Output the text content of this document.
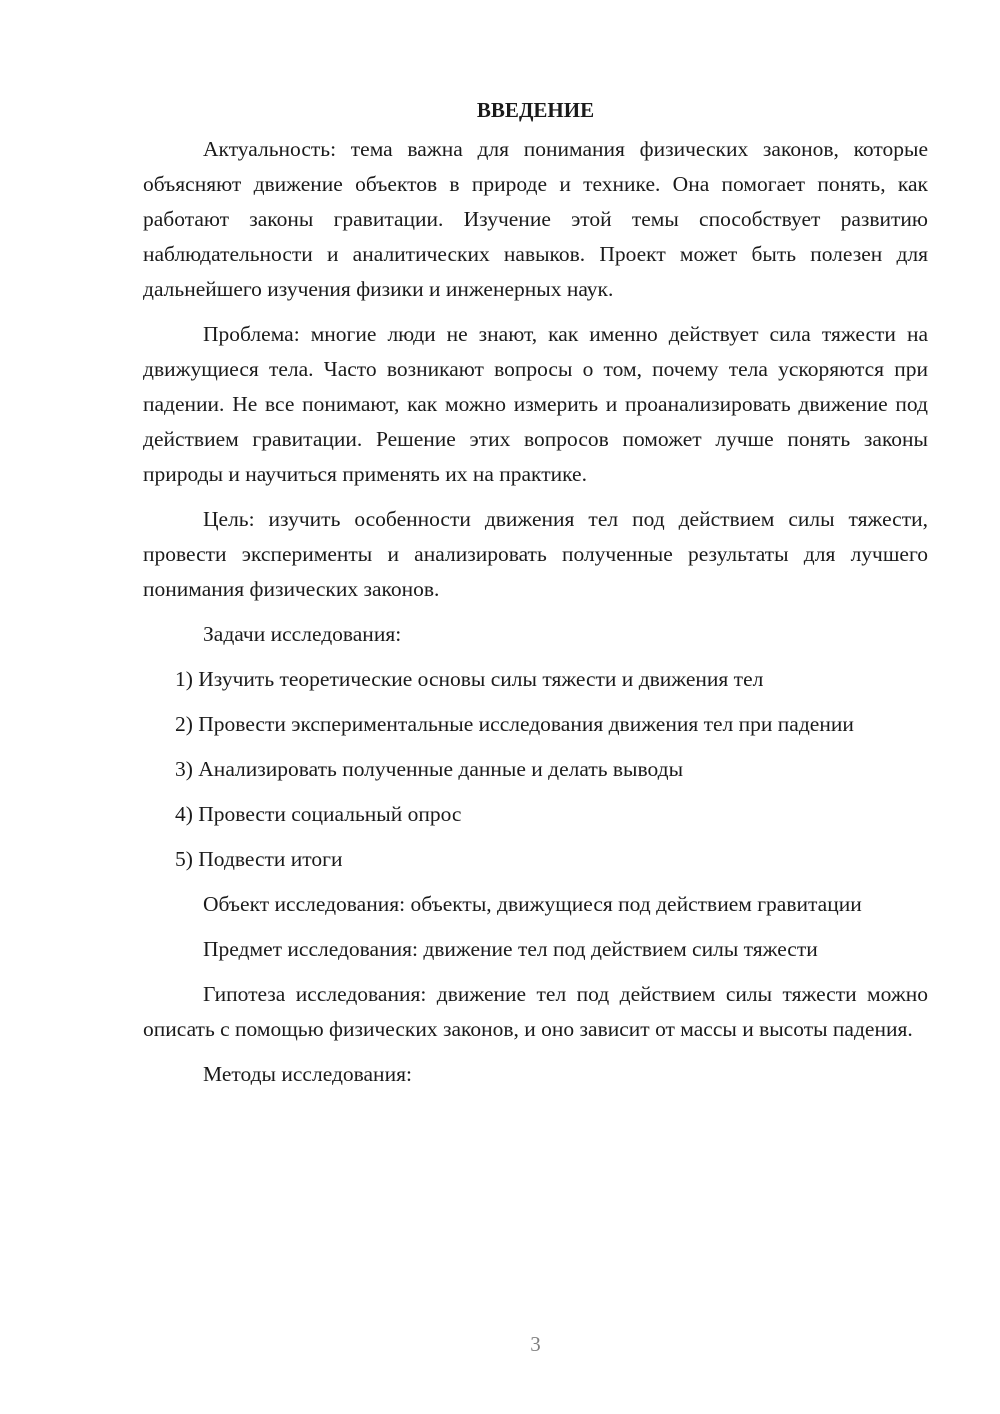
ВВЕДЕНИЕ

Актуальность: тема важна для понимания физических законов, которые объясняют движение объектов в природе и технике. Она помогает понять, как работают законы гравитации. Изучение этой темы способствует развитию наблюдательности и аналитических навыков. Проект может быть полезен для дальнейшего изучения физики и инженерных наук.

Проблема: многие люди не знают, как именно действует сила тяжести на движущиеся тела. Часто возникают вопросы о том, почему тела ускоряются при падении. Не все понимают, как можно измерить и проанализировать движение под действием гравитации. Решение этих вопросов поможет лучше понять законы природы и научиться применять их на практике.

Цель: изучить особенности движения тел под действием силы тяжести, провести эксперименты и анализировать полученные результаты для лучшего понимания физических законов.

Задачи исследования:

1) Изучить теоретические основы силы тяжести и движения тел

2) Провести экспериментальные исследования движения тел при падении

3) Анализировать полученные данные и делать выводы

4) Провести социальный опрос

5) Подвести итоги

Объект исследования: объекты, движущиеся под действием гравитации

Предмет исследования: движение тел под действием силы тяжести

Гипотеза исследования: движение тел под действием силы тяжести можно описать с помощью физических законов, и оно зависит от массы и высоты падения.

Методы исследования:

3
